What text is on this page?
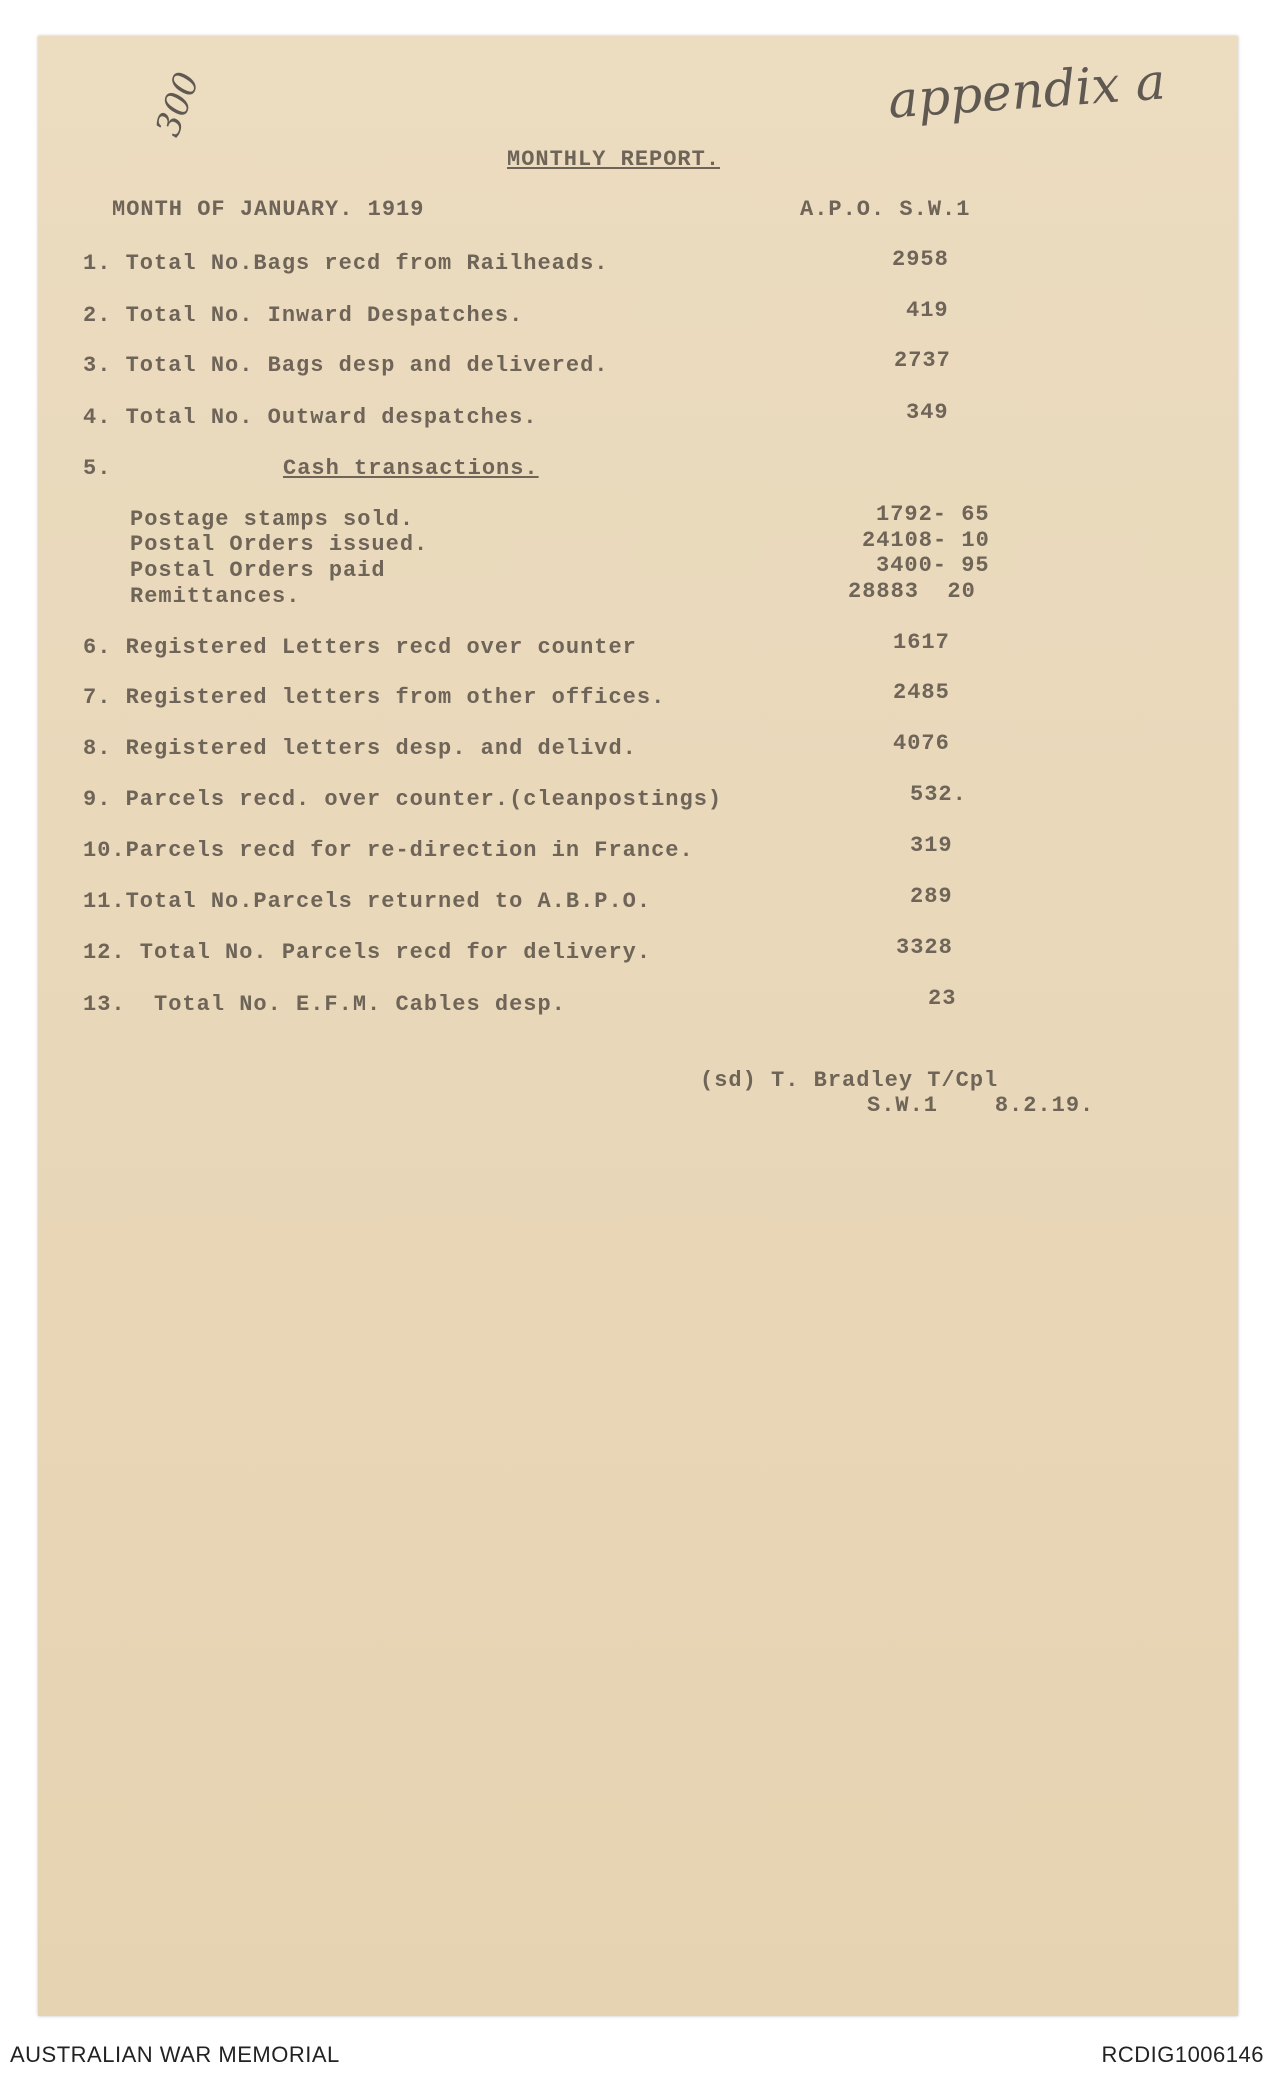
300	appendix a
MONTHLY REPORT.
MONTH OF JANUARY. 1919	A.P.O. S.W.1
1. Total No.Bags recd from Railheads.	2958
2. Total No. Inward Despatches.	419
3. Total No. Bags desp and delivered.	2737
4. Total No. Outward despatches.	349
5.	Cash transactions.
Postage stamps sold.	1792- 65
Postal Orders issued.	24108- 10
Postal Orders paid	3400- 95
Remittances.	28883  20
6. Registered Letters recd over counter	1617
7. Registered letters from other offices.	2485
8. Registered letters desp. and delivd.	4076
9. Parcels recd. over counter.(cleanpostings)	532.
10.Parcels recd for re-direction in France.	319
11.Total No.Parcels returned to A.B.P.O.	289
12. Total No. Parcels recd for delivery.	3328
13.  Total No. E.F.M. Cables desp.	23
(sd) T. Bradley T/Cpl
S.W.1    8.2.19.
AUSTRALIAN WAR MEMORIAL	RCDIG1006146
